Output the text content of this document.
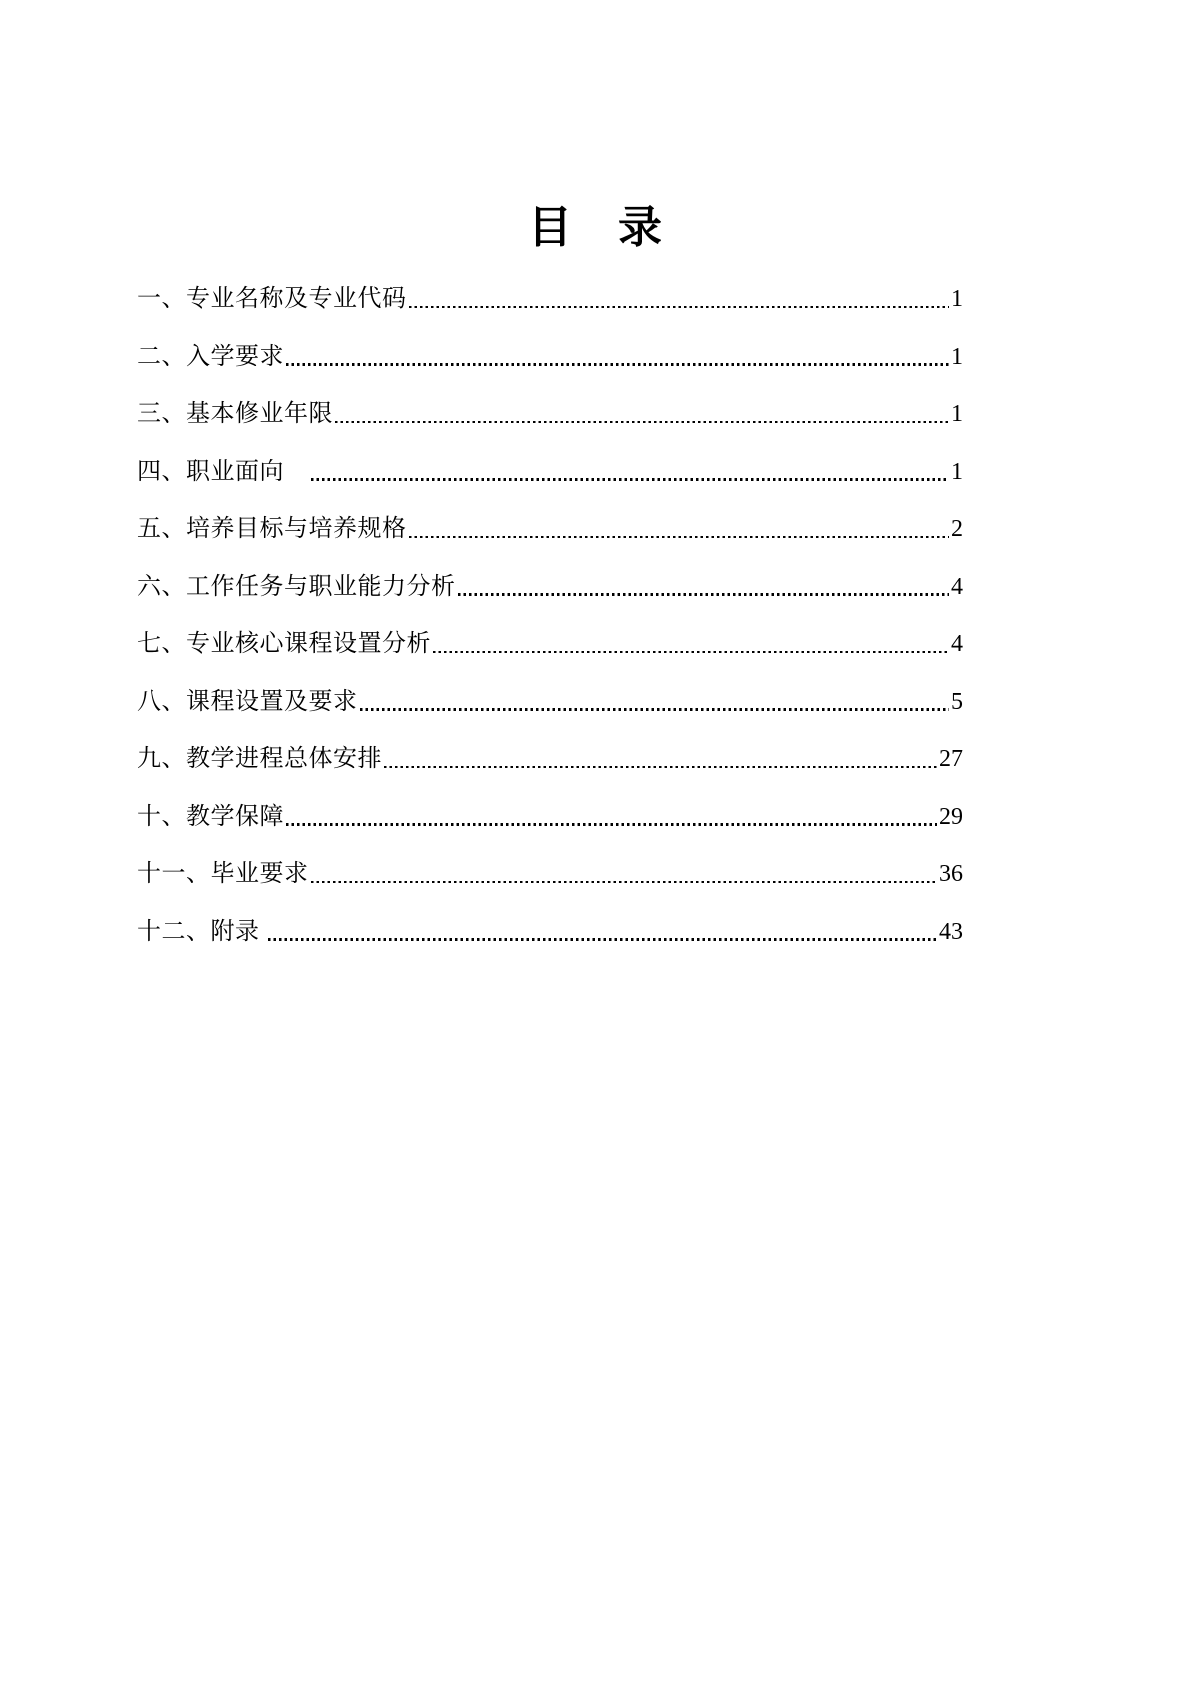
目　录
一、专业名称及专业代码	1
二、入学要求	1
三、基本修业年限	1
四、职业面向　	1
五、培养目标与培养规格	2
六、工作任务与职业能力分析	4
七、专业核心课程设置分析	4
八、课程设置及要求	5
九、教学进程总体安排	27
十、教学保障	29
十一、毕业要求	36
十二、附录	43
